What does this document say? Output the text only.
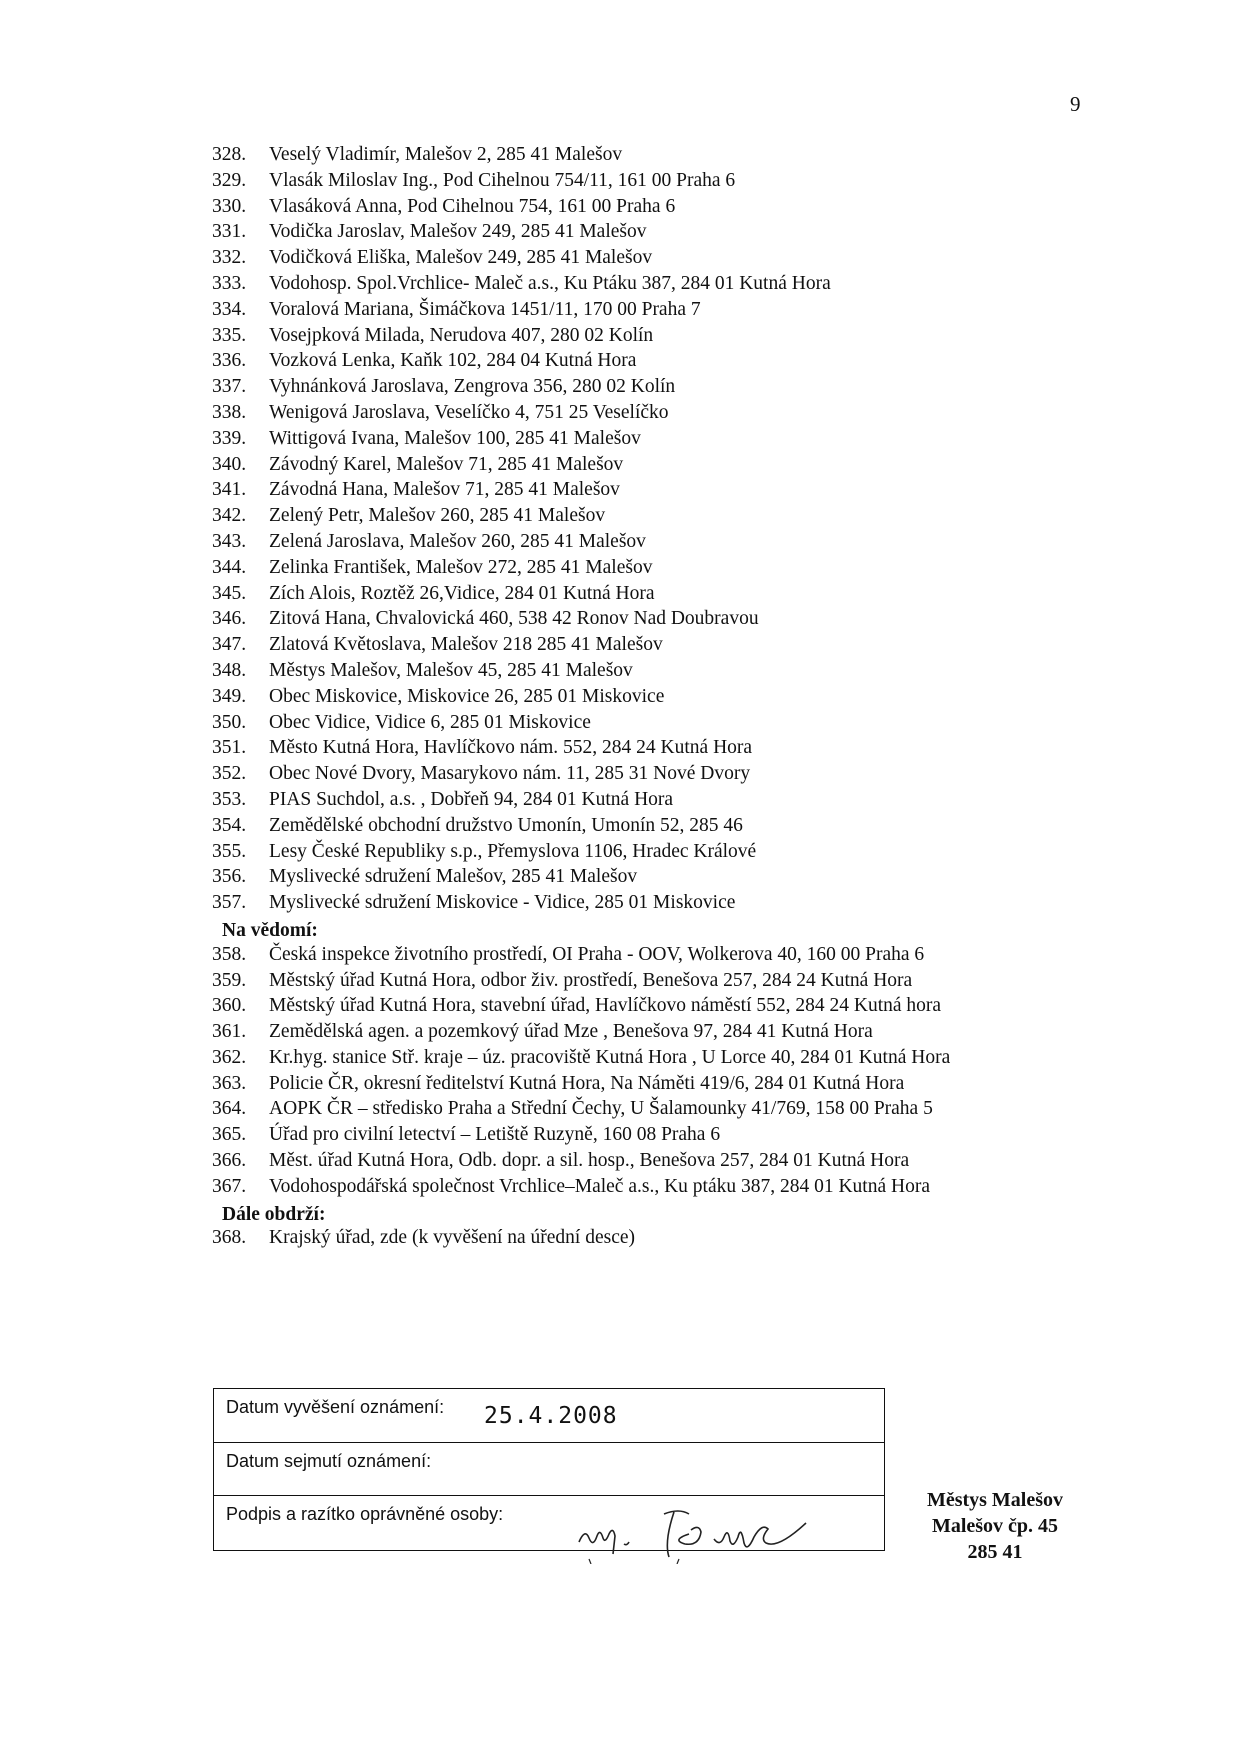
9
328.	Veselý Vladimír, Malešov 2, 285 41 Malešov
329.	Vlasák Miloslav Ing., Pod Cihelnou 754/11, 161 00 Praha 6
330.	Vlasáková Anna, Pod Cihelnou 754, 161 00 Praha 6
331.	Vodička Jaroslav, Malešov 249, 285 41 Malešov
332.	Vodičková Eliška, Malešov 249, 285 41 Malešov
333.	Vodohosp. Spol.Vrchlice- Maleč a.s., Ku Ptáku 387, 284 01 Kutná Hora
334.	Voralová Mariana, Šimáčkova 1451/11, 170 00 Praha 7
335.	Vosejpková Milada, Nerudova 407, 280 02 Kolín
336.	Vozková Lenka, Kaňk 102, 284 04 Kutná Hora
337.	Vyhnánková Jaroslava, Zengrova 356, 280 02 Kolín
338.	Wenigová Jaroslava, Veselíčko 4, 751 25 Veselíčko
339.	Wittigová Ivana, Malešov 100, 285 41 Malešov
340.	Závodný Karel, Malešov 71, 285 41 Malešov
341.	Závodná Hana, Malešov 71, 285 41 Malešov
342.	Zelený Petr, Malešov 260, 285 41 Malešov
343.	Zelená Jaroslava, Malešov 260, 285 41 Malešov
344.	Zelinka František, Malešov 272, 285 41 Malešov
345.	Zích Alois, Roztěž 26,Vidice, 284 01 Kutná Hora
346.	Zitová Hana, Chvalovická 460, 538 42 Ronov Nad Doubravou
347.	Zlatová Květoslava, Malešov 218 285 41 Malešov
348.	Městys Malešov, Malešov 45, 285 41 Malešov
349.	Obec Miskovice, Miskovice 26, 285 01 Miskovice
350.	Obec Vidice, Vidice 6, 285 01 Miskovice
351.	Město Kutná Hora, Havlíčkovo nám. 552, 284 24 Kutná Hora
352.	Obec Nové Dvory, Masarykovo nám. 11, 285 31 Nové Dvory
353.	PIAS Suchdol, a.s. , Dobřeň 94, 284 01 Kutná Hora
354.	Zemědělské obchodní družstvo Umonín, Umonín 52, 285 46
355.	Lesy České Republiky s.p., Přemyslova 1106, Hradec Králové
356.	Myslivecké sdružení Malešov, 285 41 Malešov
357.	Myslivecké sdružení Miskovice - Vidice, 285 01 Miskovice
Na vědomí:
358.	Česká inspekce životního prostředí, OI Praha - OOV, Wolkerova 40, 160 00 Praha 6
359.	Městský úřad Kutná Hora, odbor živ. prostředí, Benešova 257, 284 24 Kutná Hora
360.	Městský úřad Kutná Hora, stavební úřad, Havlíčkovo náměstí 552, 284 24 Kutná hora
361.	Zemědělská agen. a pozemkový úřad Mze , Benešova 97, 284 41 Kutná Hora
362.	Kr.hyg. stanice Stř. kraje – úz. pracoviště Kutná Hora , U Lorce 40, 284 01 Kutná Hora
363.	Policie ČR, okresní ředitelství Kutná Hora, Na Náměti 419/6, 284 01 Kutná Hora
364.	AOPK ČR – středisko Praha a Střední Čechy, U Šalamounky 41/769, 158 00 Praha 5
365.	Úřad pro civilní letectví – Letiště Ruzyně, 160 08 Praha 6
366.	Měst. úřad Kutná Hora, Odb. dopr. a sil. hosp., Benešova 257, 284 01 Kutná Hora
367.	Vodohospodářská společnost Vrchlice–Maleč a.s., Ku ptáku 387, 284 01 Kutná Hora
Dále obdrží:
368.	Krajský úřad, zde (k vyvěšení na úřední desce)
Datum vyvěšení oznámení: 25.4.2008
Datum sejmutí oznámení:
Podpis a razítko oprávněné osoby:
Městys Malešov
Malešov čp. 45
285 41
